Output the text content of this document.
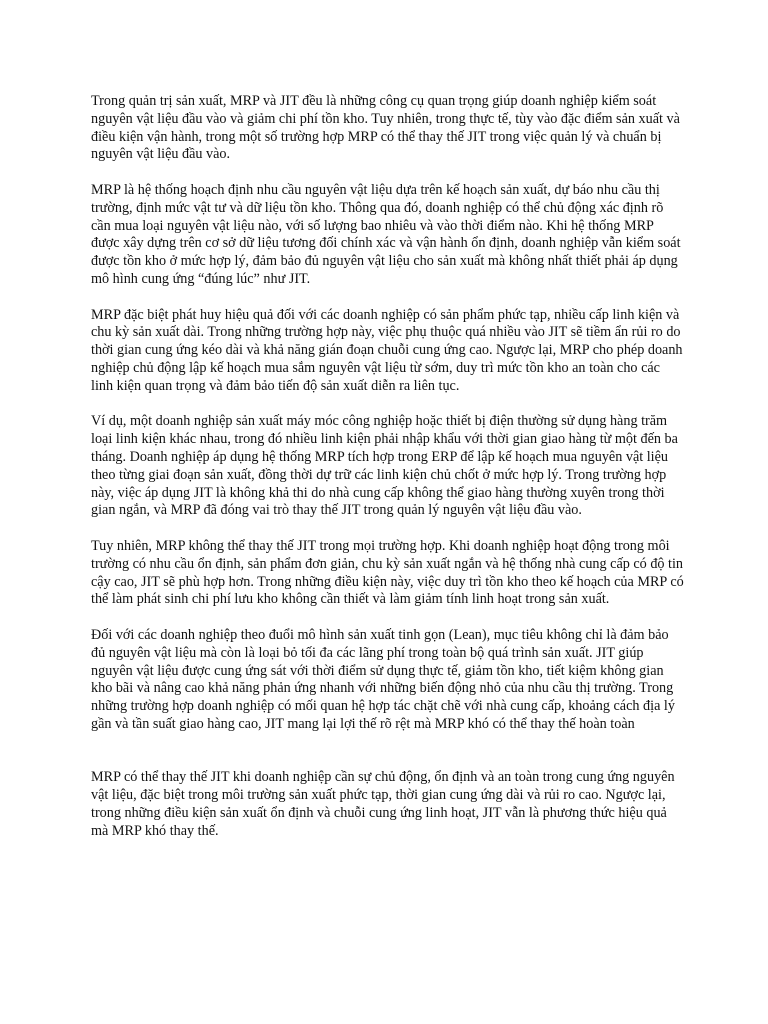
Trong quản trị sản xuất, MRP và JIT đều là những công cụ quan trọng giúp doanh nghiệp kiểm soát nguyên vật liệu đầu vào và giảm chi phí tồn kho. Tuy nhiên, trong thực tế, tùy vào đặc điểm sản xuất và điều kiện vận hành, trong một số trường hợp MRP có thể thay thế JIT trong việc quản lý và chuẩn bị nguyên vật liệu đầu vào.

MRP là hệ thống hoạch định nhu cầu nguyên vật liệu dựa trên kế hoạch sản xuất, dự báo nhu cầu thị trường, định mức vật tư và dữ liệu tồn kho. Thông qua đó, doanh nghiệp có thể chủ động xác định rõ cần mua loại nguyên vật liệu nào, với số lượng bao nhiêu và vào thời điểm nào. Khi hệ thống MRP được xây dựng trên cơ sở dữ liệu tương đối chính xác và vận hành ổn định, doanh nghiệp vẫn kiểm soát được tồn kho ở mức hợp lý, đảm bảo đủ nguyên vật liệu cho sản xuất mà không nhất thiết phải áp dụng mô hình cung ứng “đúng lúc” như JIT.

MRP đặc biệt phát huy hiệu quả đối với các doanh nghiệp có sản phẩm phức tạp, nhiều cấp linh kiện và chu kỳ sản xuất dài. Trong những trường hợp này, việc phụ thuộc quá nhiều vào JIT sẽ tiềm ẩn rủi ro do thời gian cung ứng kéo dài và khả năng gián đoạn chuỗi cung ứng cao. Ngược lại, MRP cho phép doanh nghiệp chủ động lập kế hoạch mua sắm nguyên vật liệu từ sớm, duy trì mức tồn kho an toàn cho các linh kiện quan trọng và đảm bảo tiến độ sản xuất diễn ra liên tục.

Ví dụ, một doanh nghiệp sản xuất máy móc công nghiệp hoặc thiết bị điện thường sử dụng hàng trăm loại linh kiện khác nhau, trong đó nhiều linh kiện phải nhập khẩu với thời gian giao hàng từ một đến ba tháng. Doanh nghiệp áp dụng hệ thống MRP tích hợp trong ERP để lập kế hoạch mua nguyên vật liệu theo từng giai đoạn sản xuất, đồng thời dự trữ các linh kiện chủ chốt ở mức hợp lý. Trong trường hợp này, việc áp dụng JIT là không khả thi do nhà cung cấp không thể giao hàng thường xuyên trong thời gian ngắn, và MRP đã đóng vai trò thay thế JIT trong quản lý nguyên vật liệu đầu vào.

Tuy nhiên, MRP không thể thay thế JIT trong mọi trường hợp. Khi doanh nghiệp hoạt động trong môi trường có nhu cầu ổn định, sản phẩm đơn giản, chu kỳ sản xuất ngắn và hệ thống nhà cung cấp có độ tin cậy cao, JIT sẽ phù hợp hơn. Trong những điều kiện này, việc duy trì tồn kho theo kế hoạch của MRP có thể làm phát sinh chi phí lưu kho không cần thiết và làm giảm tính linh hoạt trong sản xuất.

Đối với các doanh nghiệp theo đuổi mô hình sản xuất tinh gọn (Lean), mục tiêu không chỉ là đảm bảo đủ nguyên vật liệu mà còn là loại bỏ tối đa các lãng phí trong toàn bộ quá trình sản xuất. JIT giúp nguyên vật liệu được cung ứng sát với thời điểm sử dụng thực tế, giảm tồn kho, tiết kiệm không gian kho bãi và nâng cao khả năng phản ứng nhanh với những biến động nhỏ của nhu cầu thị trường. Trong những trường hợp doanh nghiệp có mối quan hệ hợp tác chặt chẽ với nhà cung cấp, khoảng cách địa lý gần và tần suất giao hàng cao, JIT mang lại lợi thế rõ rệt mà MRP khó có thể thay thế hoàn toàn

MRP có thể thay thế JIT khi doanh nghiệp cần sự chủ động, ổn định và an toàn trong cung ứng nguyên vật liệu, đặc biệt trong môi trường sản xuất phức tạp, thời gian cung ứng dài và rủi ro cao. Ngược lại, trong những điều kiện sản xuất ổn định và chuỗi cung ứng linh hoạt, JIT vẫn là phương thức hiệu quả mà MRP khó thay thế.
